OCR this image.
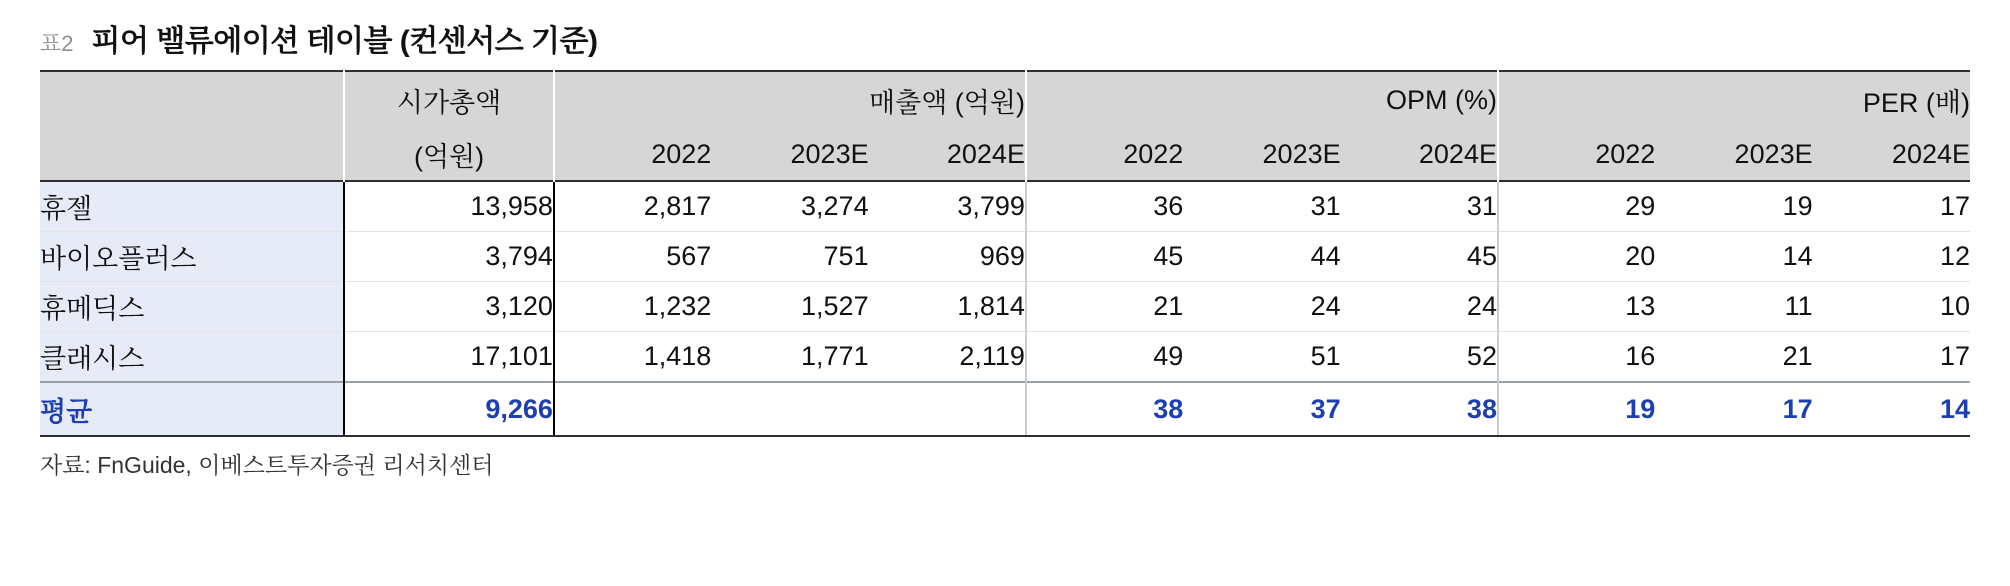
표2 피어 밸류에이션 테이블 (컨센서스 기준)
	시가총액	매출액 (억원)			OPM (%)			PER (배)		
	(억원)	2022	2023E	2024E	2022	2023E	2024E	2022	2023E	2024E
휴젤	13,958	2,817	3,274	3,799	36	31	31	29	19	17
바이오플러스	3,794	567	751	969	45	44	45	20	14	12
휴메딕스	3,120	1,232	1,527	1,814	21	24	24	13	11	10
클래시스	17,101	1,418	1,771	2,119	49	51	52	16	21	17
평균	9,266				38	37	38	19	17	14
자료: FnGuide, 이베스트투자증권 리서치센터
